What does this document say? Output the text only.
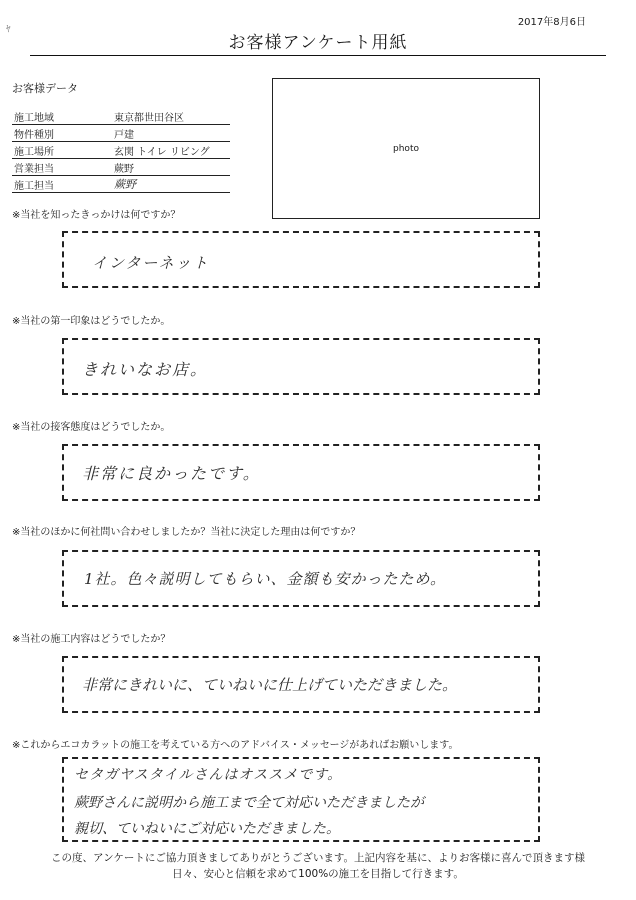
ﾔ
2017年8月6日
お客様アンケート用紙
お客様データ
施工地域	東京都世田谷区
物件種別	戸建
施工場所	玄関 トイレ リビング
営業担当	蕨野
施工担当	蕨野
photo
※当社を知ったきっかけは何ですか？
インターネット
※当社の第一印象はどうでしたか。
きれいなお店。
※当社の接客態度はどうでしたか。
非常に良かったです。
※当社のほかに何社問い合わせしましたか？当社に決定した理由は何ですか？
1社。色々説明してもらい、金額も安かったため。
※当社の施工内容はどうでしたか？
非常にきれいに、ていねいに仕上げていただきました。
※これからエコカラットの施工を考えている方へのアドバイス・メッセージがあればお願いします。
セタガヤスタイルさんはオススメです。
蕨野さんに説明から施工まで全て対応いただきましたが
親切、ていねいにご対応いただきました。
この度、アンケートにご協力頂きましてありがとうございます。上記内容を基に、よりお客様に喜んで頂きます様
日々、安心と信頼を求めて100%の施工を目指して行きます。
